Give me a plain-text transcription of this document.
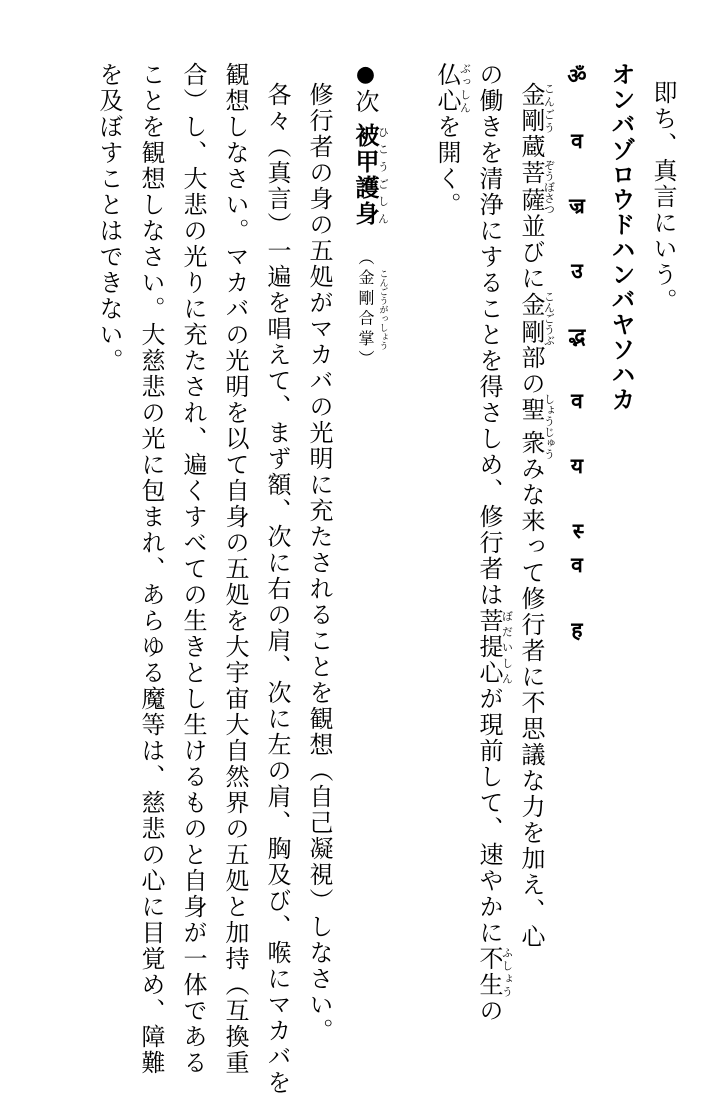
即ち、真言にいう。
オンバゾロウドハンバヤソハカ
ॐ व ज्र उ द्भ व य स्व ह
金剛こんごう蔵菩薩ぞうぼさつ並びに金剛こんごうぶ部の聖衆しょうじゅうみな来って修行者に不思議な力を加え、心
の働きを清浄にすることを得さしめ、修行者は菩提心ぼだいしんが現前して、速やかに不生ふしょうの
仏心ぶっしんを開く。
●次被甲護身ひこうごしん（金剛合掌 こんごうがっしょう）
修行者の身の五処がマカバの光明に充たされることを観想（自己凝視）しなさい。
各々（真言）一遍を唱えて、まず額、次に右の肩、次に左の肩、胸及び、喉にマカバを
観想しなさい。マカバの光明を以て自身の五処を大宇宙大自然界の五処と加持（互換重
合）し、大悲の光りに充たされ、遍くすべての生きとし生けるものと自身が一体である
ことを観想しなさい。大慈悲の光に包まれ、あらゆる魔等は、慈悲の心に目覚め、障難
を及ぼすことはできない。
